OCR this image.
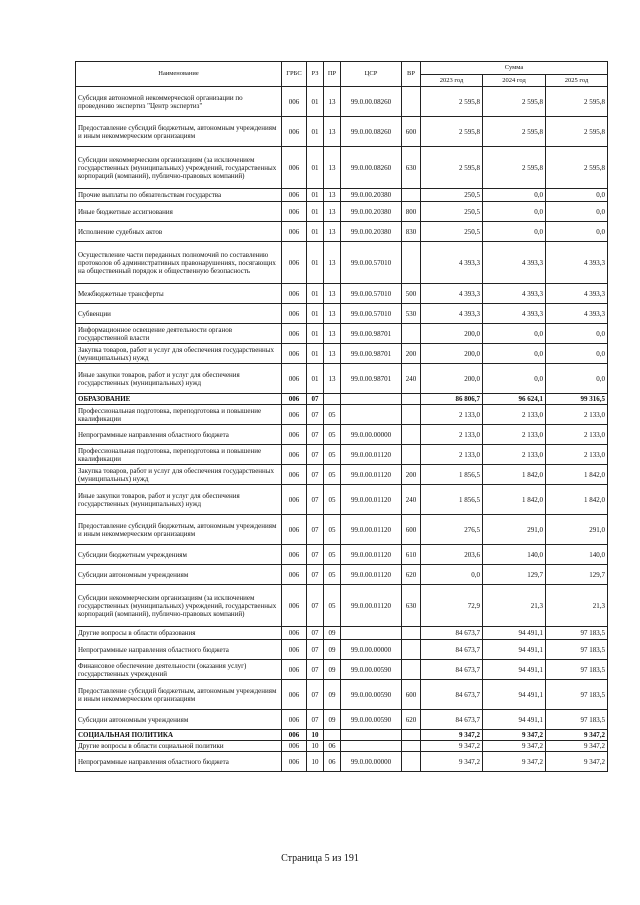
Наименование	ГРБС	РЗ	ПР	ЦСР	ВР	Сумма		
						2023 год	2024 год	2025 год
Субсидия автономной некоммерческой организации по проведению экспертиз "Центр экспертиз"	006	01	13	99.0.00.08260		2 595,8	2 595,8	2 595,8
Предоставление субсидий бюджетным, автономным учреждениям и иным некоммерческим организациям	006	01	13	99.0.00.08260	600	2 595,8	2 595,8	2 595,8
Субсидии некоммерческим организациям (за исключением государственных (муниципальных) учреждений, государственных корпораций (компаний), публично-правовых компаний)	006	01	13	99.0.00.08260	630	2 595,8	2 595,8	2 595,8
Прочие выплаты по обязательствам государства	006	01	13	99.0.00.20380		250,5	0,0	0,0
Иные бюджетные ассигнования	006	01	13	99.0.00.20380	800	250,5	0,0	0,0
Исполнение судебных актов	006	01	13	99.0.00.20380	830	250,5	0,0	0,0
Осуществление части переданных полномочий по составлению протоколов об административных правонарушениях, посягающих на общественный порядок и общественную безопасность	006	01	13	99.0.00.57010		4 393,3	4 393,3	4 393,3
Межбюджетные трансферты	006	01	13	99.0.00.57010	500	4 393,3	4 393,3	4 393,3
Субвенции	006	01	13	99.0.00.57010	530	4 393,3	4 393,3	4 393,3
Информационное освещение деятельности органов государственной власти	006	01	13	99.0.00.98701		200,0	0,0	0,0
Закупка товаров, работ и услуг для обеспечения государственных (муниципальных) нужд	006	01	13	99.0.00.98701	200	200,0	0,0	0,0
Иные закупки товаров, работ и услуг для обеспечения государственных (муниципальных) нужд	006	01	13	99.0.00.98701	240	200,0	0,0	0,0
ОБРАЗОВАНИЕ	006	07				86 806,7	96 624,1	99 316,5
Профессиональная подготовка, переподготовка и повышение квалификации	006	07	05			2 133,0	2 133,0	2 133,0
Непрограммные направления областного бюджета	006	07	05	99.0.00.00000		2 133,0	2 133,0	2 133,0
Профессиональная подготовка, переподготовка и повышение квалификации	006	07	05	99.0.00.01120		2 133,0	2 133,0	2 133,0
Закупка товаров, работ и услуг для обеспечения государственных (муниципальных) нужд	006	07	05	99.0.00.01120	200	1 856,5	1 842,0	1 842,0
Иные закупки товаров, работ и услуг для обеспечения государственных (муниципальных) нужд	006	07	05	99.0.00.01120	240	1 856,5	1 842,0	1 842,0
Предоставление субсидий бюджетным, автономным учреждениям и иным некоммерческим организациям	006	07	05	99.0.00.01120	600	276,5	291,0	291,0
Субсидии бюджетным учреждениям	006	07	05	99.0.00.01120	610	203,6	140,0	140,0
Субсидии автономным учреждениям	006	07	05	99.0.00.01120	620	0,0	129,7	129,7
Субсидии некоммерческим организациям (за исключением государственных (муниципальных) учреждений, государственных корпораций (компаний), публично-правовых компаний)	006	07	05	99.0.00.01120	630	72,9	21,3	21,3
Другие вопросы в области образования	006	07	09			84 673,7	94 491,1	97 183,5
Непрограммные направления областного бюджета	006	07	09	99.0.00.00000		84 673,7	94 491,1	97 183,5
Финансовое обеспечение деятельности (оказания услуг) государственных учреждений	006	07	09	99.0.00.00590		84 673,7	94 491,1	97 183,5
Предоставление субсидий бюджетным, автономным учреждениям и иным некоммерческим организациям	006	07	09	99.0.00.00590	600	84 673,7	94 491,1	97 183,5
Субсидии автономным учреждениям	006	07	09	99.0.00.00590	620	84 673,7	94 491,1	97 183,5
СОЦИАЛЬНАЯ ПОЛИТИКА	006	10				9 347,2	9 347,2	9 347,2
Другие вопросы в области социальной политики	006	10	06			9 347,2	9 347,2	9 347,2
Непрограммные направления областного бюджета	006	10	06	99.0.00.00000		9 347,2	9 347,2	9 347,2
Страница 5 из 191
